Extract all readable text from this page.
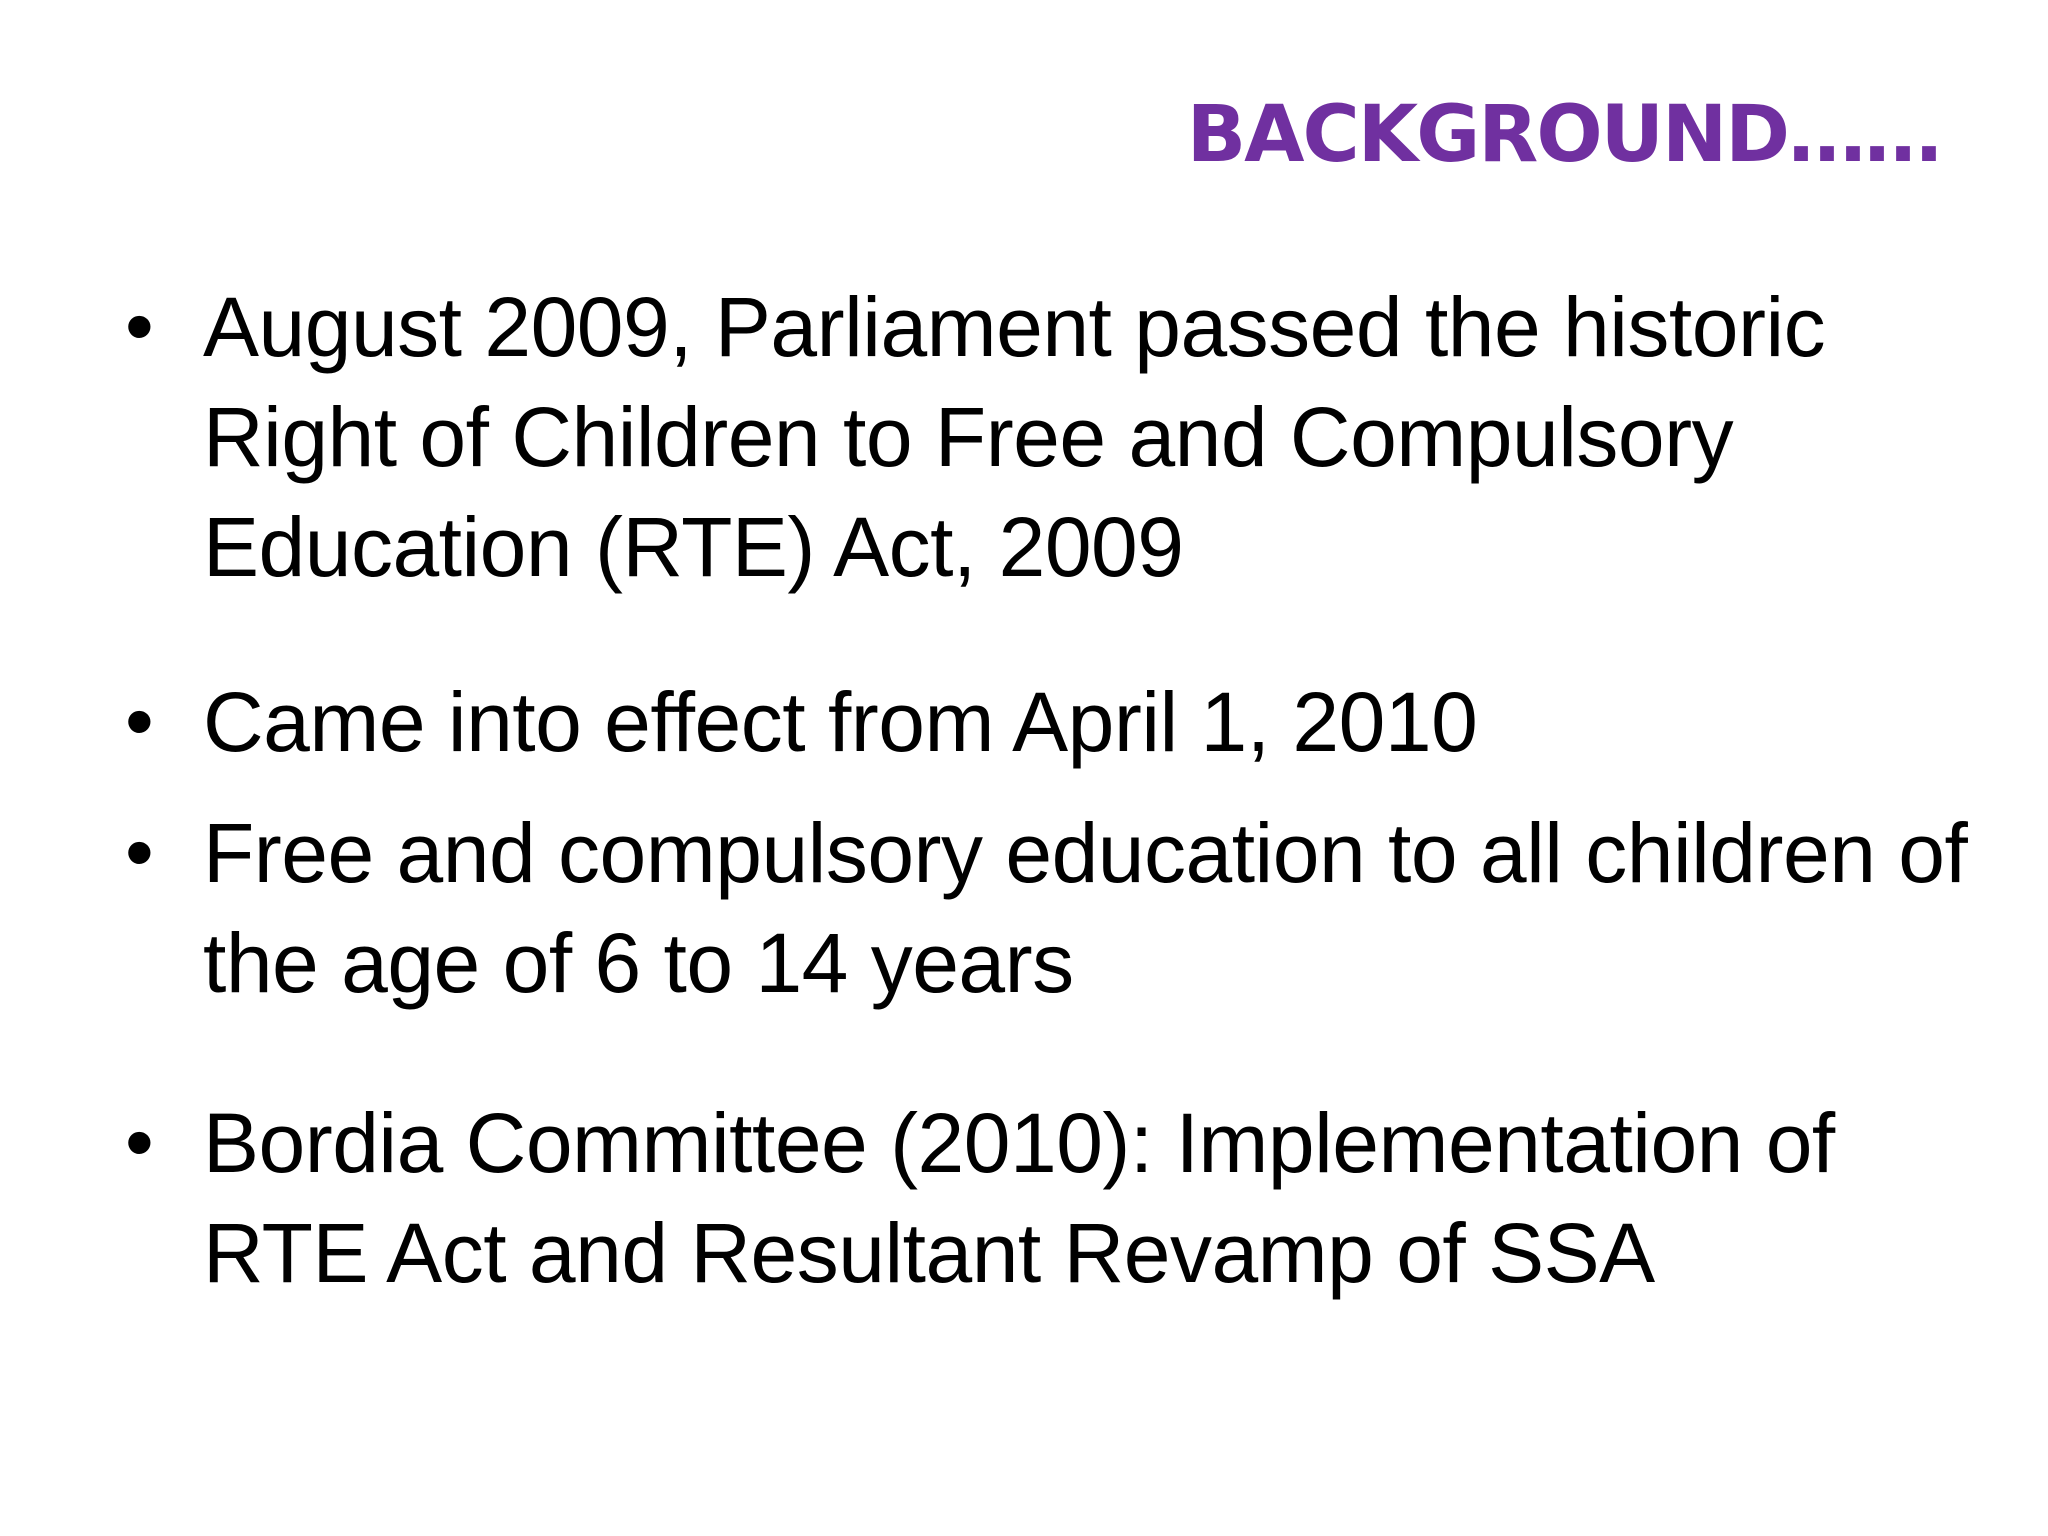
BACKGROUND……
• August 2009, Parliament passed the historic Right of Children to Free and Compulsory Education (RTE) Act, 2009
• Came into effect from April 1, 2010
• Free and compulsory education to all children of the age of 6 to 14 years
• Bordia Committee (2010): Implementation of RTE Act and Resultant Revamp of SSA
